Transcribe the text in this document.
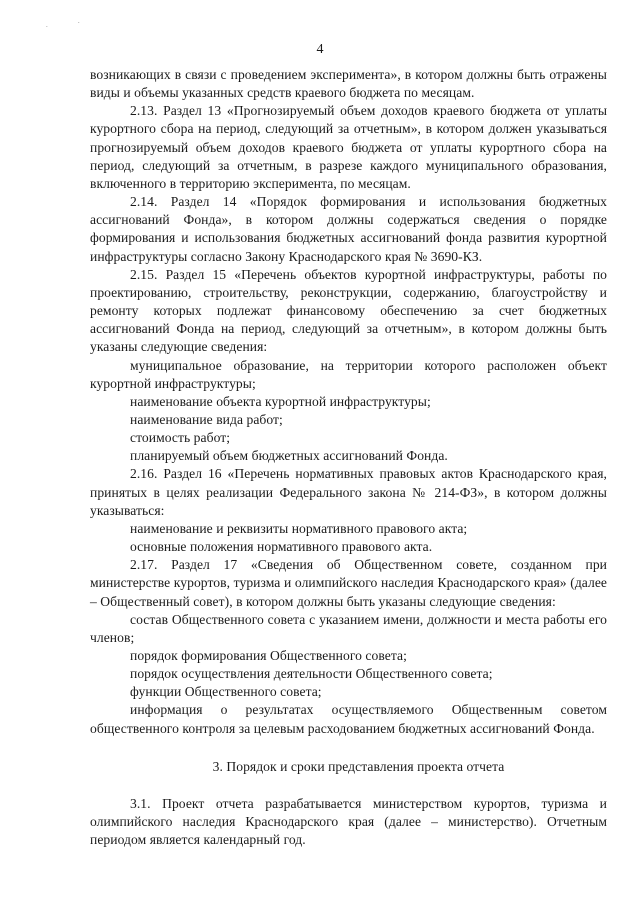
. ´
4

возникающих в связи с проведением эксперимента», в котором должны быть отражены виды и объемы указанных средств краевого бюджета по месяцам.

2.13. Раздел 13 «Прогнозируемый объем доходов краевого бюджета от уплаты курортного сбора на период, следующий за отчетным», в котором должен указываться прогнозируемый объем доходов краевого бюджета от уплаты курортного сбора на период, следующий за отчетным, в разрезе каждого муниципального образования, включенного в территорию эксперимента, по месяцам.

2.14. Раздел 14 «Порядок формирования и использования бюджетных ассигнований Фонда», в котором должны содержаться сведения о порядке формирования и использования бюджетных ассигнований фонда развития курортной инфраструктуры согласно Закону Краснодарского края № 3690-КЗ.

2.15. Раздел 15 «Перечень объектов курортной инфраструктуры, работы по проектированию, строительству, реконструкции, содержанию, благоустройству и ремонту которых подлежат финансовому обеспечению за счет бюджетных ассигнований Фонда на период, следующий за отчетным», в котором должны быть указаны следующие сведения:

муниципальное образование, на территории которого расположен объект курортной инфраструктуры;

наименование объекта курортной инфраструктуры;

наименование вида работ;

стоимость работ;

планируемый объем бюджетных ассигнований Фонда.

2.16. Раздел 16 «Перечень нормативных правовых актов Краснодарского края, принятых в целях реализации Федерального закона № 214-ФЗ», в котором должны указываться:

наименование и реквизиты нормативного правового акта;

основные положения нормативного правового акта.

2.17. Раздел 17 «Сведения об Общественном совете, созданном при министерстве курортов, туризма и олимпийского наследия Краснодарского края» (далее – Общественный совет), в котором должны быть указаны следующие сведения:

состав Общественного совета с указанием имени, должности и места работы его членов;

порядок формирования Общественного совета;

порядок осуществления деятельности Общественного совета;

функции Общественного совета;

информация о результатах осуществляемого Общественным советом общественного контроля за целевым расходованием бюджетных ассигнований Фонда.

3. Порядок и сроки представления проекта отчета

3.1. Проект отчета разрабатывается министерством курортов, туризма и олимпийского наследия Краснодарского края (далее – министерство). Отчетным периодом является календарный год.
